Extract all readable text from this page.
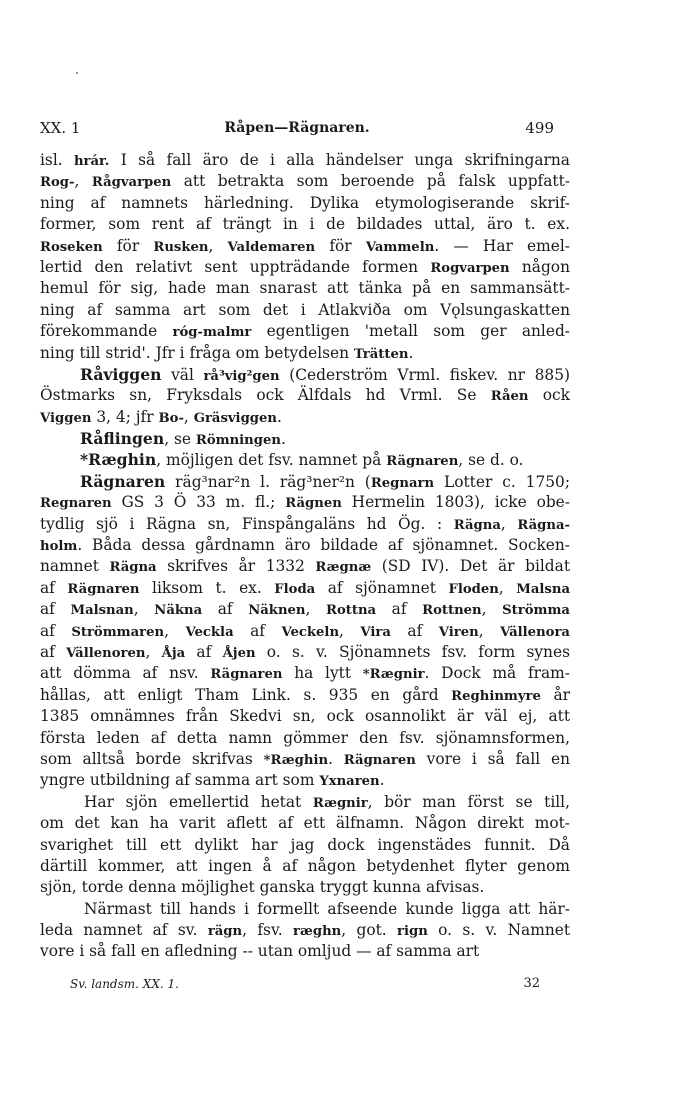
XX. 1	Råpen—Rägnaren.	499
isl. hrár. I så fall äro de i alla händelser unga skrifningarna
Rog-, Rågvarpen att betrakta som beroende på falsk uppfatt-
ning af namnets härledning. Dylika etymologiserande skrif-
former, som rent af trängt in i de bildades uttal, äro t. ex.
Roseken för Rusken, Valdemaren för Vammeln. — Har emel-
lertid den relativt sent uppträdande formen Rogvarpen någon
hemul för sig, hade man snarast att tänka på en sammansätt-
ning af samma art som det i Atlakviða om Vǫlsungaskatten
förekommande róg-malmr egentligen 'metall som ger anled-
ning till strid'. Jfr i fråga om betydelsen Trätten.
Råviggen väl rå³vig²gen (Cederström Vrml. fiskev. nr 885)
Östmarks sn, Fryksdals ock Älfdals hd Vrml. Se Råen ock
Viggen 3, 4; jfr Bo-, Gräsviggen.
Råflingen, se Römningen.
*Ræghin, möjligen det fsv. namnet på Rägnaren, se d. o.
Rägnaren räg³nar²n l. räg³ner²n (Regnarn Lotter c. 1750;
Regnaren GS 3 Ö 33 m. fl.; Rägnen Hermelin 1803), icke obe-
tydlig sjö i Rägna sn, Finspångaläns hd Ög. : Rägna, Rägna-
holm. Båda dessa gårdnamn äro bildade af sjönamnet. Socken-
namnet Rägna skrifves år 1332 Rægnæ (SD IV). Det är bildat
af Rägnaren liksom t. ex. Floda af sjönamnet Floden, Malsna
af Malsnan, Näkna af Näknen, Rottna af Rottnen, Strömma
af Strömmaren, Veckla af Veckeln, Vira af Viren, Vällenora
af Vällenoren, Åja af Åjen o. s. v. Sjönamnets fsv. form synes
att dömma af nsv. Rägnaren ha lytt *Rægnir. Dock må fram-
hållas, att enligt Tham Link. s. 935 en gård Reghinmyre år
1385 omnämnes från Skedvi sn, ock osannolikt är väl ej, att
första leden af detta namn gömmer den fsv. sjönamnsformen,
som alltså borde skrifvas *Ræghin. Rägnaren vore i så fall en
yngre utbildning af samma art som Yxnaren.
Har sjön emellertid hetat Rægnir, bör man först se till,
om det kan ha varit aflett af ett älfnamn. Någon direkt mot-
svarighet till ett dylikt har jag dock ingenstädes funnit. Då
därtill kommer, att ingen å af någon betydenhet flyter genom
sjön, torde denna möjlighet ganska tryggt kunna afvisas.
Närmast till hands i formellt afseende kunde ligga att här-
leda namnet af sv. rägn, fsv. ræghn, got. rign o. s. v. Namnet
vore i så fall en afledning -- utan omljud — af samma art
Sv. landsm. XX. 1.	32
